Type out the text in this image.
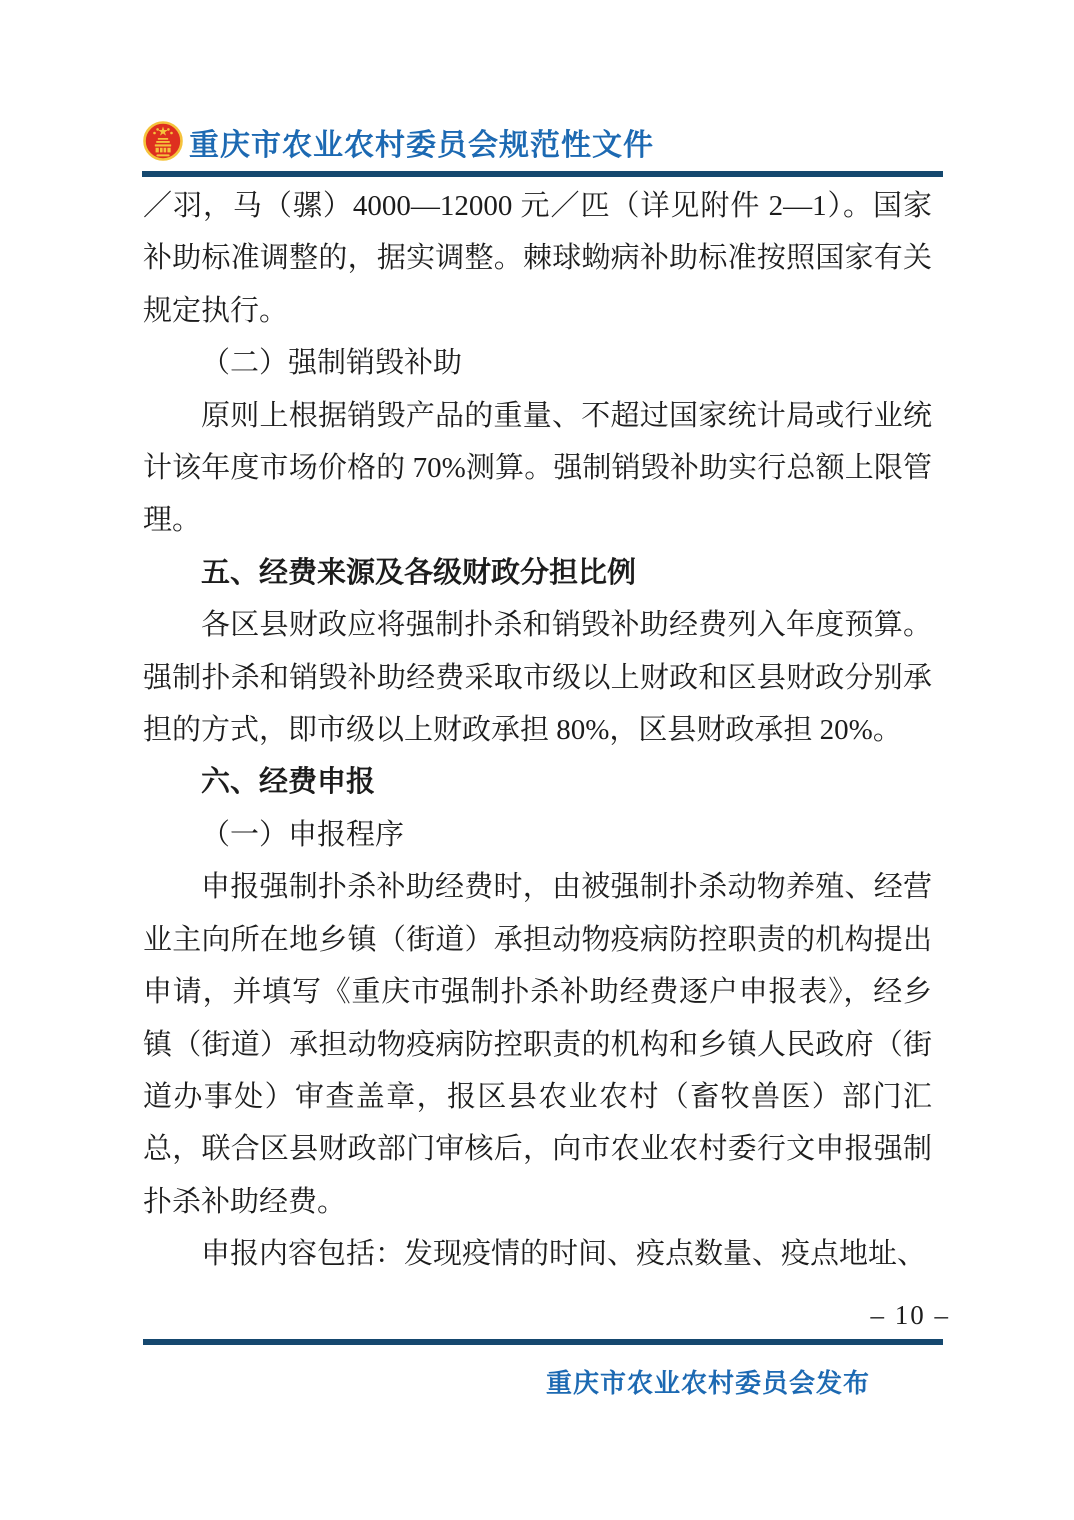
重庆市农业农村委员会规范性文件

／羽，马（骡）4000—12000 元／匹（详见附件 2—1）。国家补助标准调整的，据实调整。棘球蚴病补助标准按照国家有关规定执行。

（二）强制销毁补助

原则上根据销毁产品的重量、不超过国家统计局或行业统计该年度市场价格的 70%测算。强制销毁补助实行总额上限管理。

五、经费来源及各级财政分担比例

各区县财政应将强制扑杀和销毁补助经费列入年度预算。强制扑杀和销毁补助经费采取市级以上财政和区县财政分别承担的方式，即市级以上财政承担 80%，区县财政承担 20%。

六、经费申报

（一）申报程序

申报强制扑杀补助经费时，由被强制扑杀动物养殖、经营业主向所在地乡镇（街道）承担动物疫病防控职责的机构提出申请，并填写《重庆市强制扑杀补助经费逐户申报表》，经乡镇（街道）承担动物疫病防控职责的机构和乡镇人民政府（街道办事处）审查盖章，报区县农业农村（畜牧兽医）部门汇总，联合区县财政部门审核后，向市农业农村委行文申报强制扑杀补助经费。

申报内容包括：发现疫情的时间、疫点数量、疫点地址、

– 10 –
重庆市农业农村委员会发布
